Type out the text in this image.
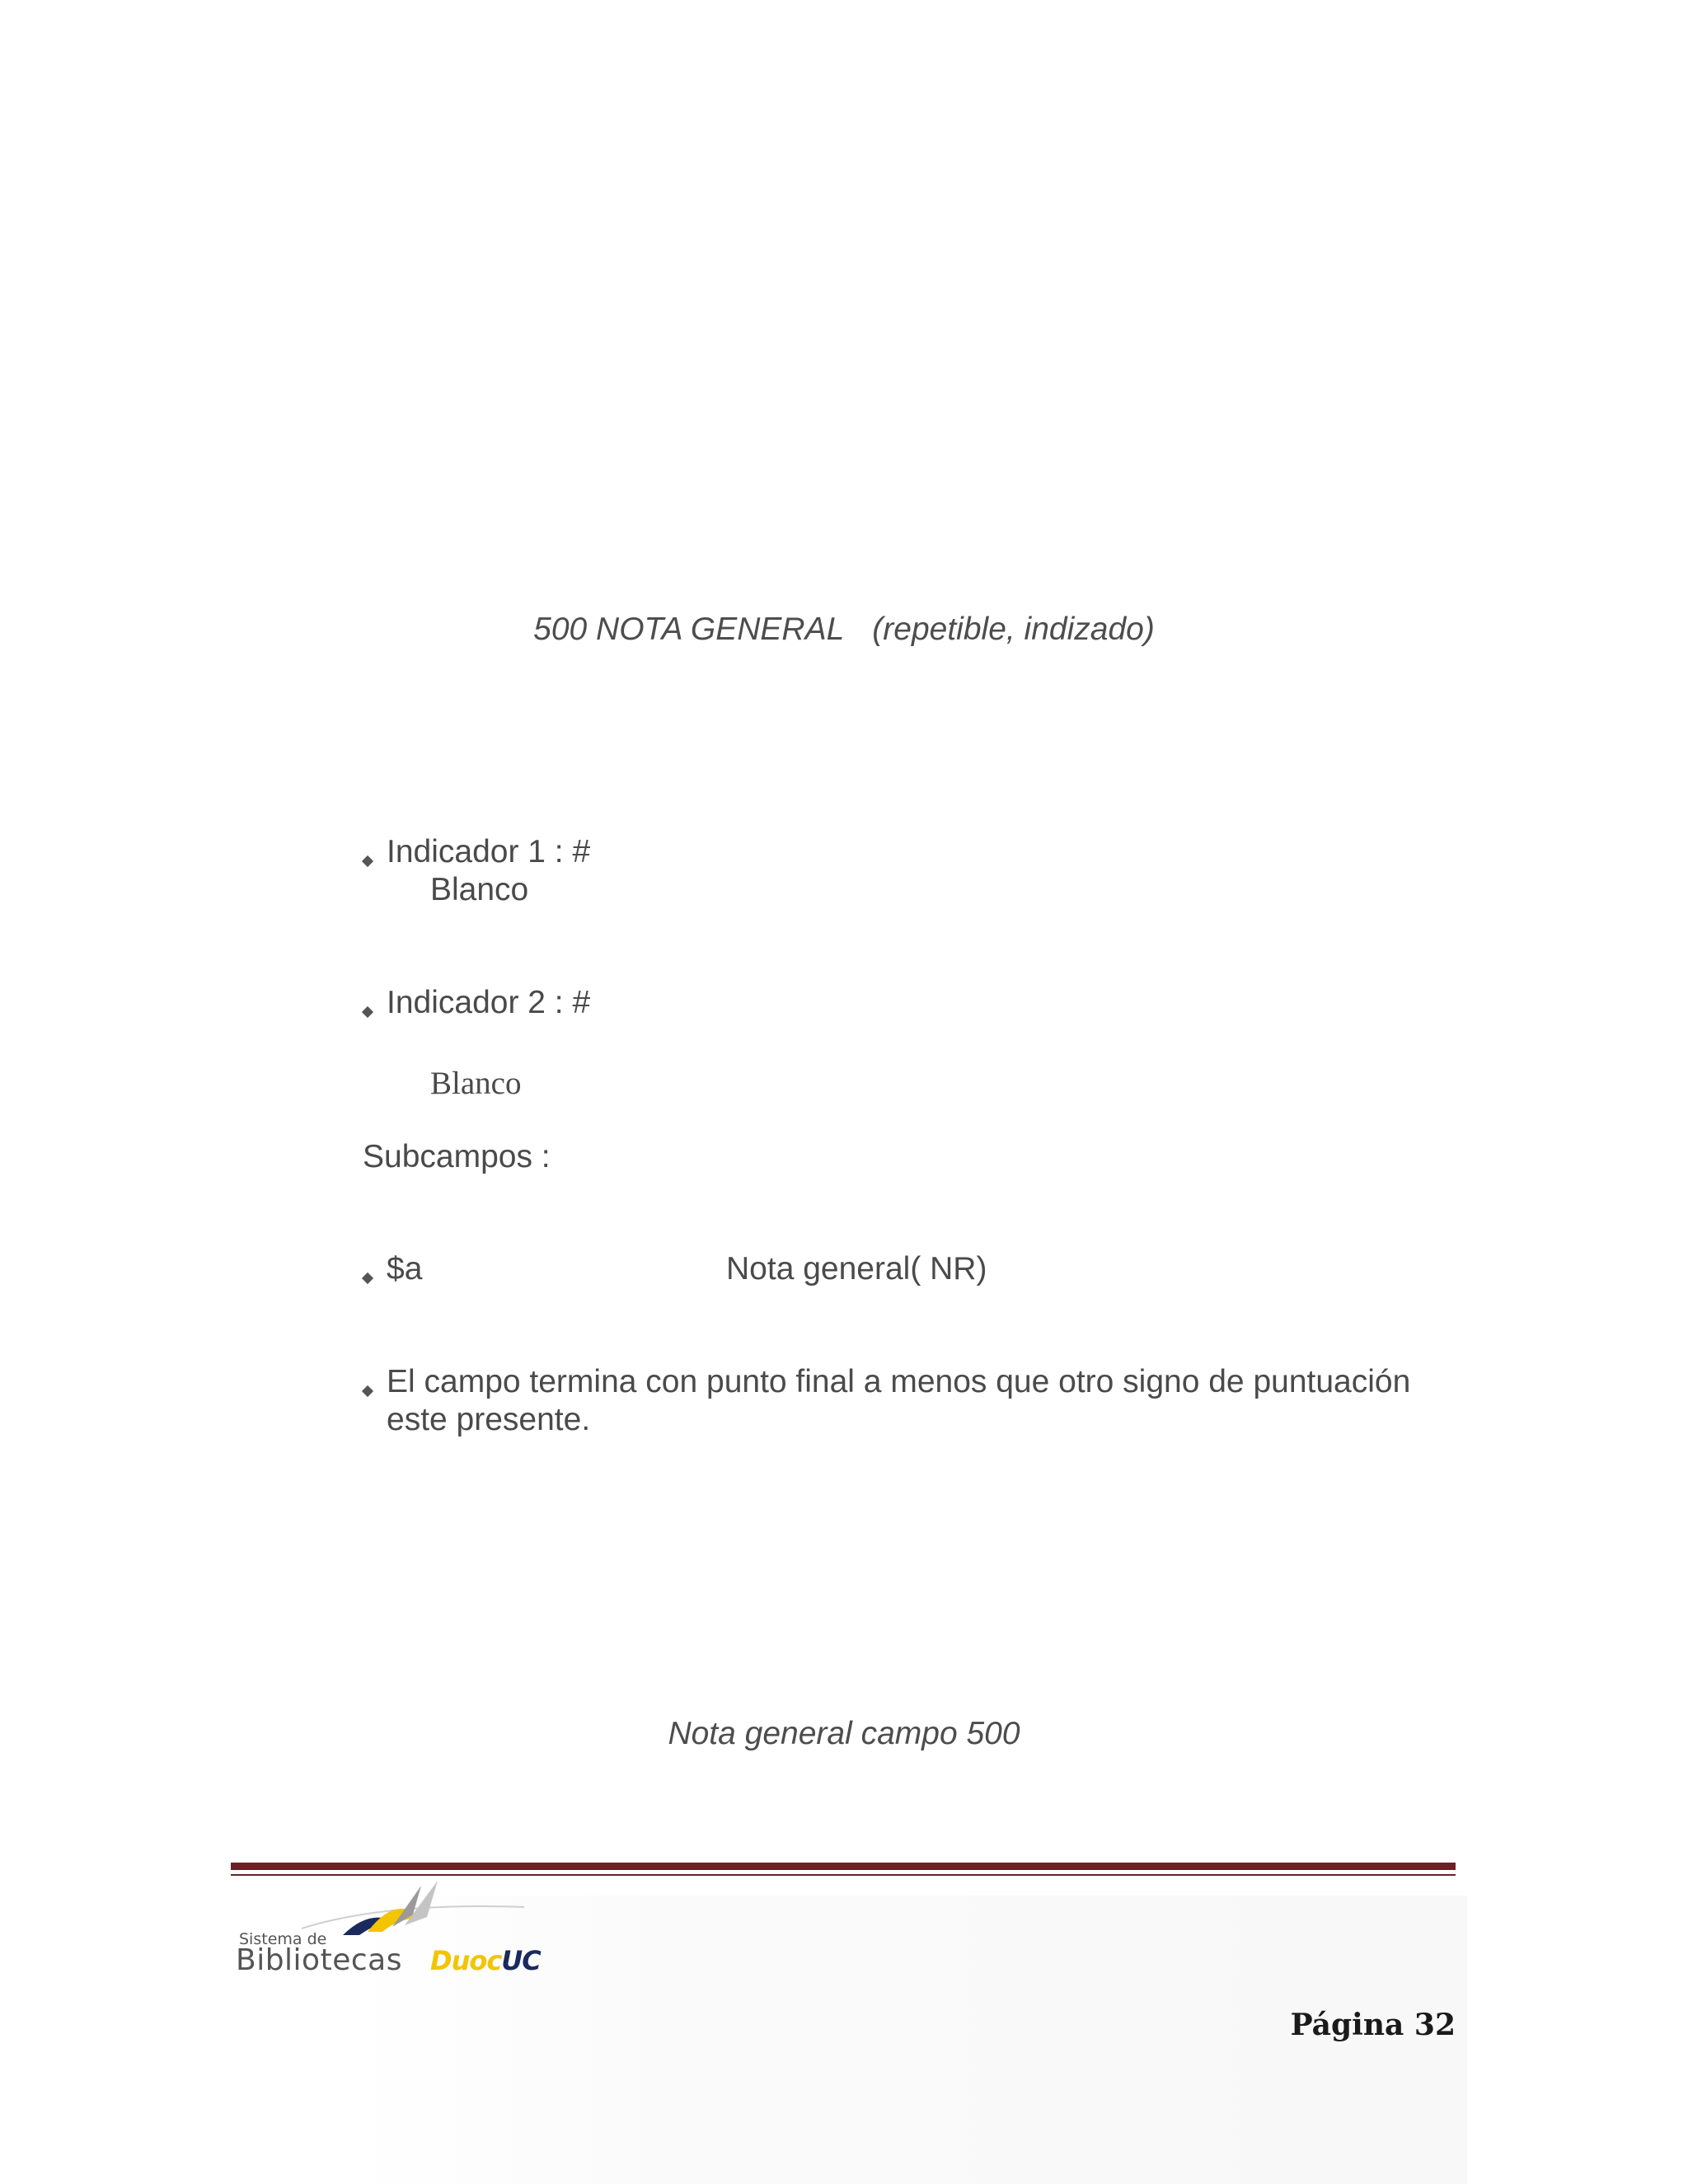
500 NOTA GENERAL (repetible, indizado)
Indicador 1 : #
Blanco
Indicador 2 : #
Blanco
Subcampos :
$a	Nota general( NR)
El campo termina con punto final a menos que otro signo de puntuación
este presente.
Nota general campo 500
Sistema de
Bibliotecas DuocUC
Página 32
